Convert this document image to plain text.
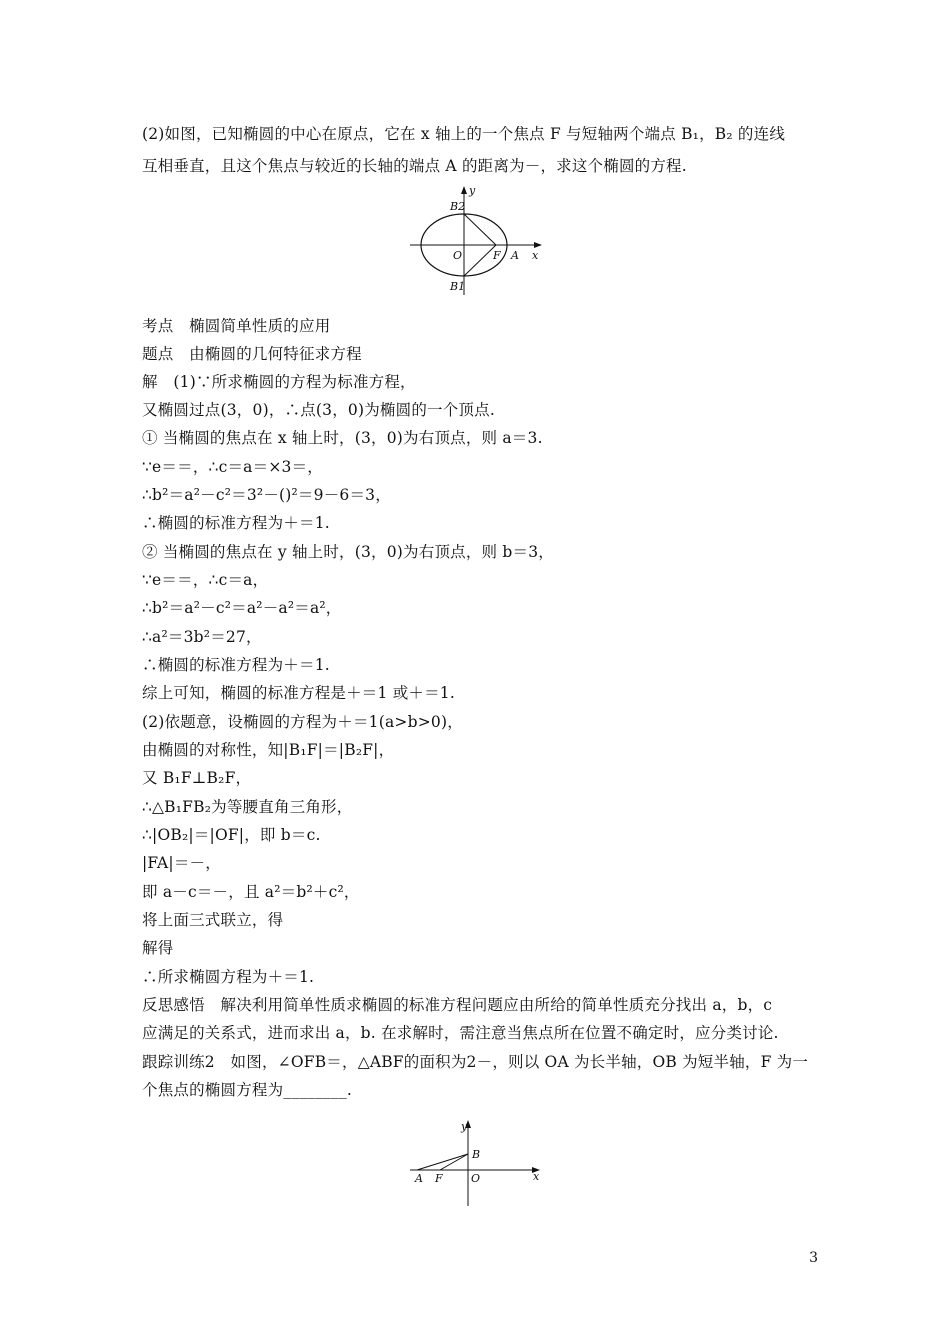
(2)如图，已知椭圆的中心在原点，它在 x 轴上的一个焦点 F 与短轴两个端点 B₁，B₂ 的连线
互相垂直，且这个焦点与较近的长轴的端点 A 的距离为－，求这个椭圆的方程.
y
x
B2
B1
O	F A
考点　椭圆简单性质的应用
题点　由椭圆的几何特征求方程
解　(1)∵所求椭圆的方程为标准方程，
又椭圆过点(3，0)，∴点(3，0)为椭圆的一个顶点.
① 当椭圆的焦点在 x 轴上时，(3，0)为右顶点，则 a＝3.
∵e＝＝，∴c＝a＝×3＝，
∴b²＝a²－c²＝3²－()²＝9－6＝3，
∴椭圆的标准方程为＋＝1.
② 当椭圆的焦点在 y 轴上时，(3，0)为右顶点，则 b＝3，
∵e＝＝，∴c＝a，
∴b²＝a²－c²＝a²－a²＝a²，
∴a²＝3b²＝27，
∴椭圆的标准方程为＋＝1.
综上可知，椭圆的标准方程是＋＝1 或＋＝1.
(2)依题意，设椭圆的方程为＋＝1(a>b>0)，
由椭圆的对称性，知|B₁F|＝|B₂F|，
又 B₁F⊥B₂F，
∴△B₁FB₂为等腰直角三角形，
∴|OB₂|＝|OF|，即 b＝c.
|FA|＝－，
即 a－c＝－，且 a²＝b²＋c²，
将上面三式联立，得
解得
∴所求椭圆方程为＋＝1.
反思感悟　解决利用简单性质求椭圆的标准方程问题应由所给的简单性质充分找出 a，b，c
应满足的关系式，进而求出 a，b. 在求解时，需注意当焦点所在位置不确定时，应分类讨论.
跟踪训练2　如图，∠OFB＝，△ABF的面积为2－，则以 OA 为长半轴，OB 为短半轴，F 为一
个焦点的椭圆方程为________.
y
x
B
A F	O
3
